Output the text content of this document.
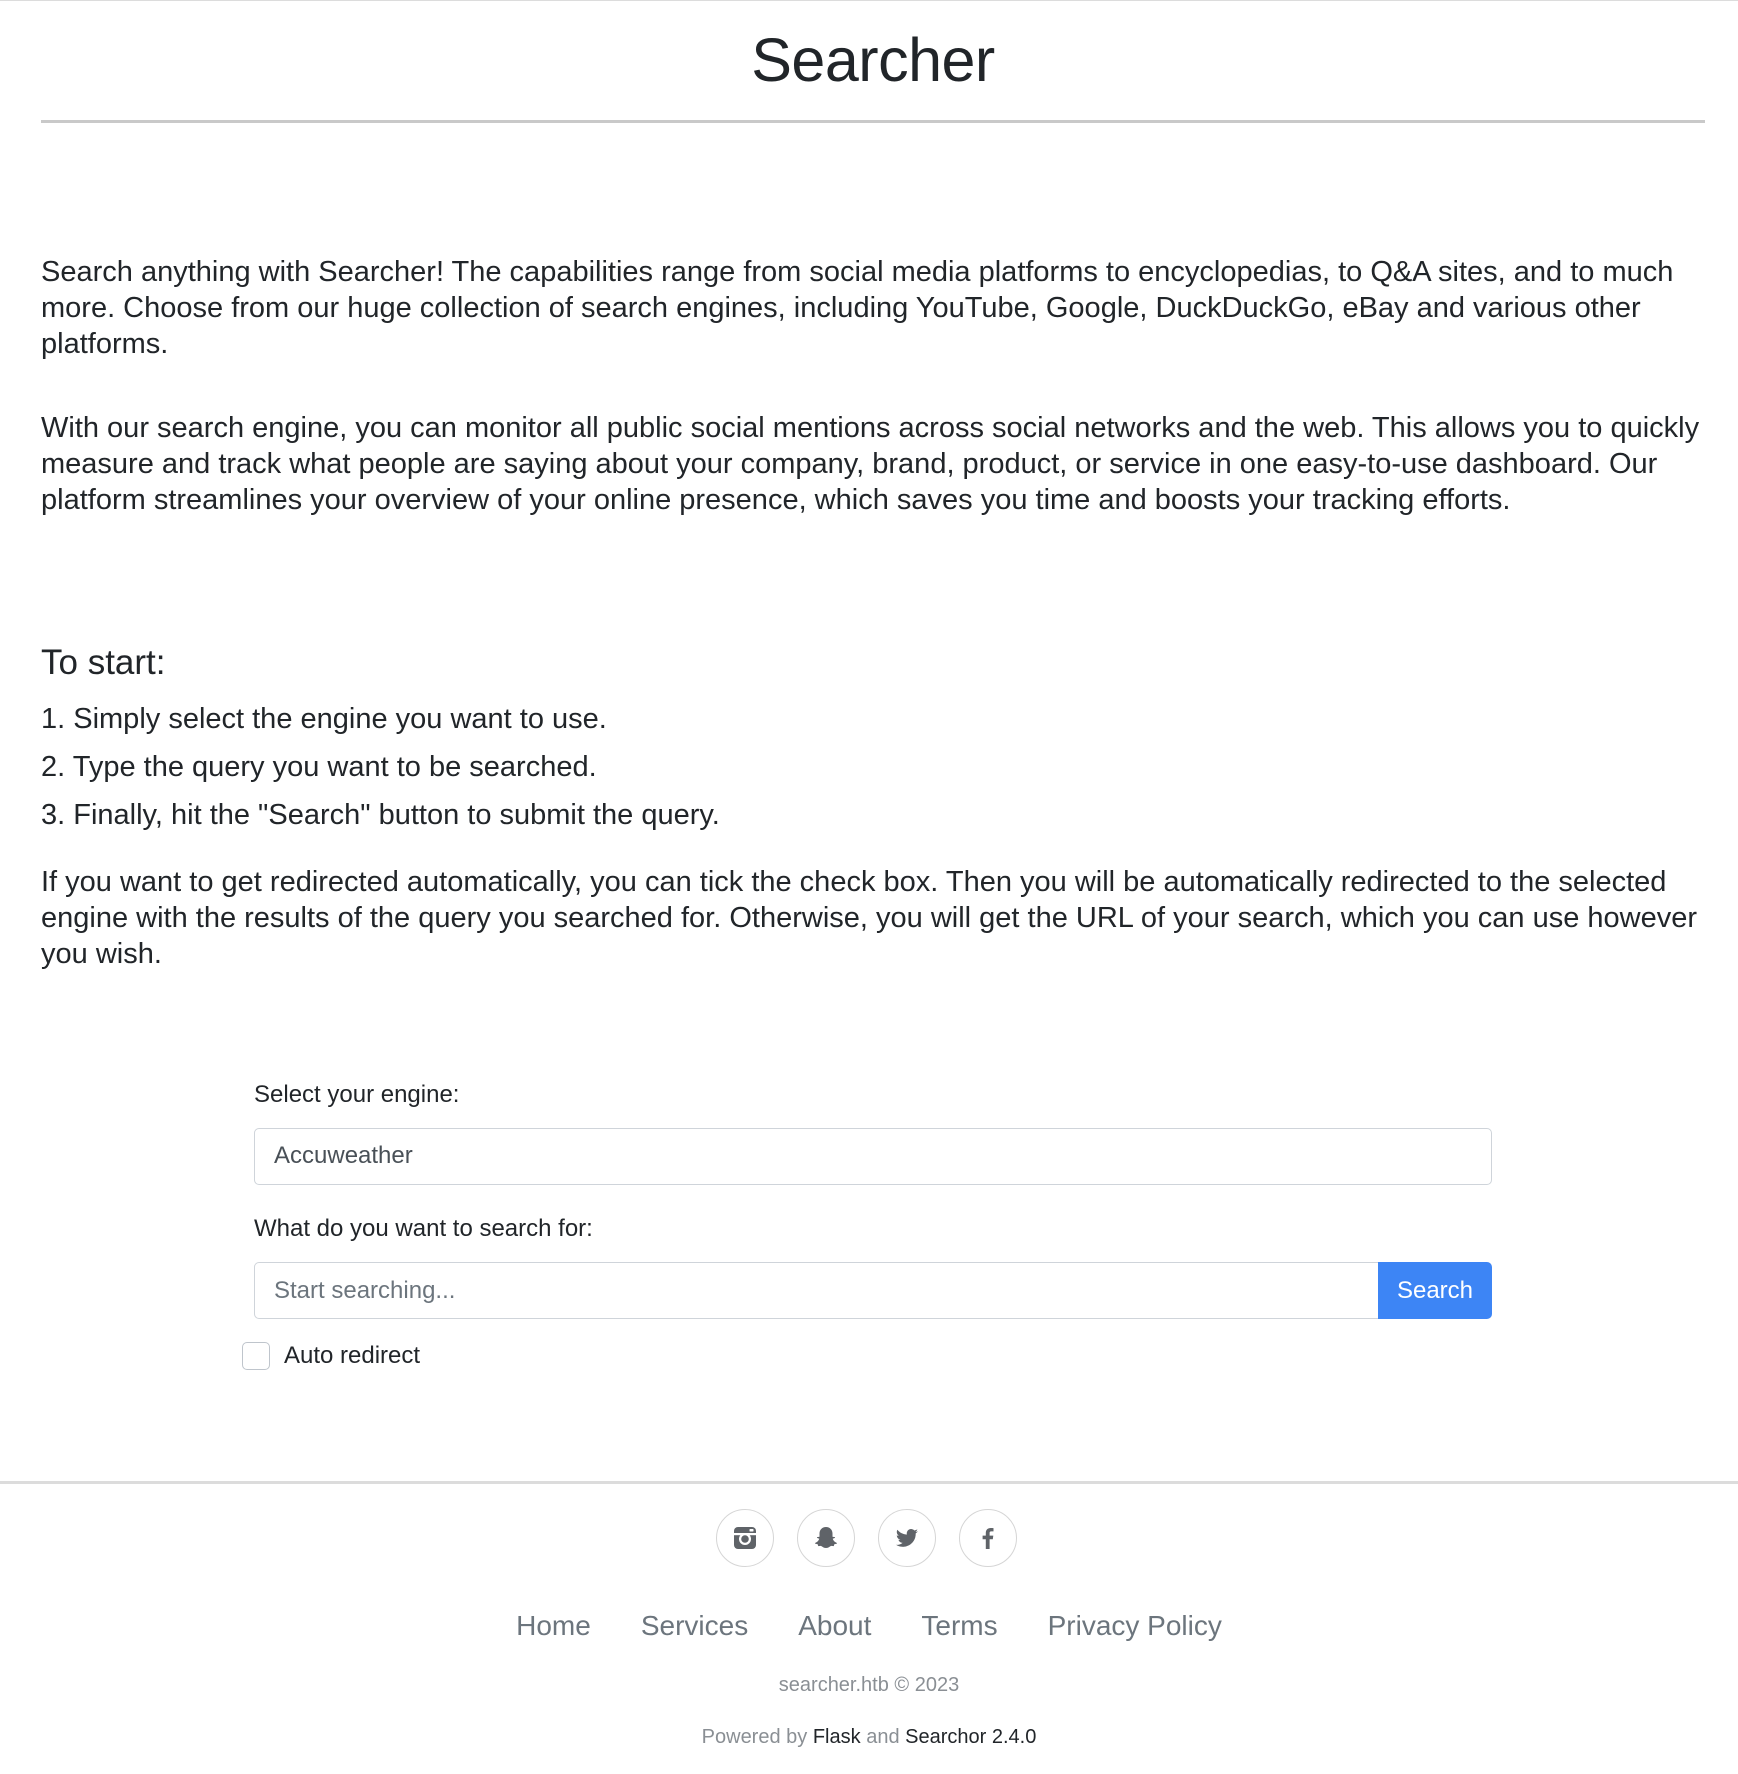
Searcher

Search anything with Searcher! The capabilities range from social media platforms to encyclopedias, to Q&A sites, and to much more. Choose from our huge collection of search engines, including YouTube, Google, DuckDuckGo, eBay and various other platforms.

With our search engine, you can monitor all public social mentions across social networks and the web. This allows you to quickly measure and track what people are saying about your company, brand, product, or service in one easy-to-use dashboard. Our platform streamlines your overview of your online presence, which saves you time and boosts your tracking efforts.

To start:
1. Simply select the engine you want to use.
2. Type the query you want to be searched.
3. Finally, hit the "Search" button to submit the query.

If you want to get redirected automatically, you can tick the check box. Then you will be automatically redirected to the selected engine with the results of the query you searched for. Otherwise, you will get the URL of your search, which you can use however you wish.

Select your engine:
Accuweather
What do you want to search for:
Start searching...
Search
Auto redirect
Home Services About Terms Privacy Policy
searcher.htb © 2023
Powered by Flask and Searchor 2.4.0
